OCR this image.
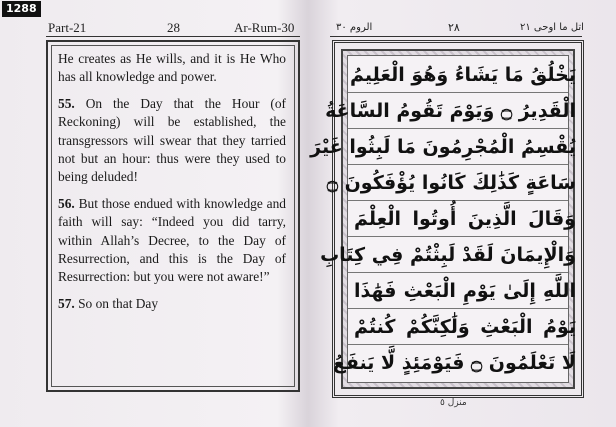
1288
Part-21	28	Ar-Rum-30

He creates as He wills, and it is He Who has all knowledge and power.

55. On the Day that the Hour (of Reckoning) will be established, the transgressors will swear that they tarried not but an hour: thus were they used to being deluded!

56. But those endued with knowledge and faith will say: “Indeed you did tarry, within Allah’s Decree, to the Day of Resurrection, and this is the Day of Resurrection: but you were not aware!”

57. So on that Day

الروم ٣٠	٢٨	اتل ما اوحى ٢١
يَخْلُقُ مَا يَشَاءُ وَهُوَ الْعَلِيمُ
الْقَدِيرُ ۝ وَيَوْمَ تَقُومُ السَّاعَةُ
يُقْسِمُ الْمُجْرِمُونَ مَا لَبِثُوا غَيْرَ
سَاعَةٍ كَذَٰلِكَ كَانُوا يُؤْفَكُونَ ۝
وَقَالَ الَّذِينَ أُوتُوا الْعِلْمَ
وَالْإِيمَانَ لَقَدْ لَبِثْتُمْ فِي كِتَابِ
اللَّهِ إِلَىٰ يَوْمِ الْبَعْثِ فَهَٰذَا
يَوْمُ الْبَعْثِ وَلَٰكِنَّكُمْ كُنتُمْ
لَا تَعْلَمُونَ ۝ فَيَوْمَئِذٍ لَّا يَنفَعُ
منزل ٥
